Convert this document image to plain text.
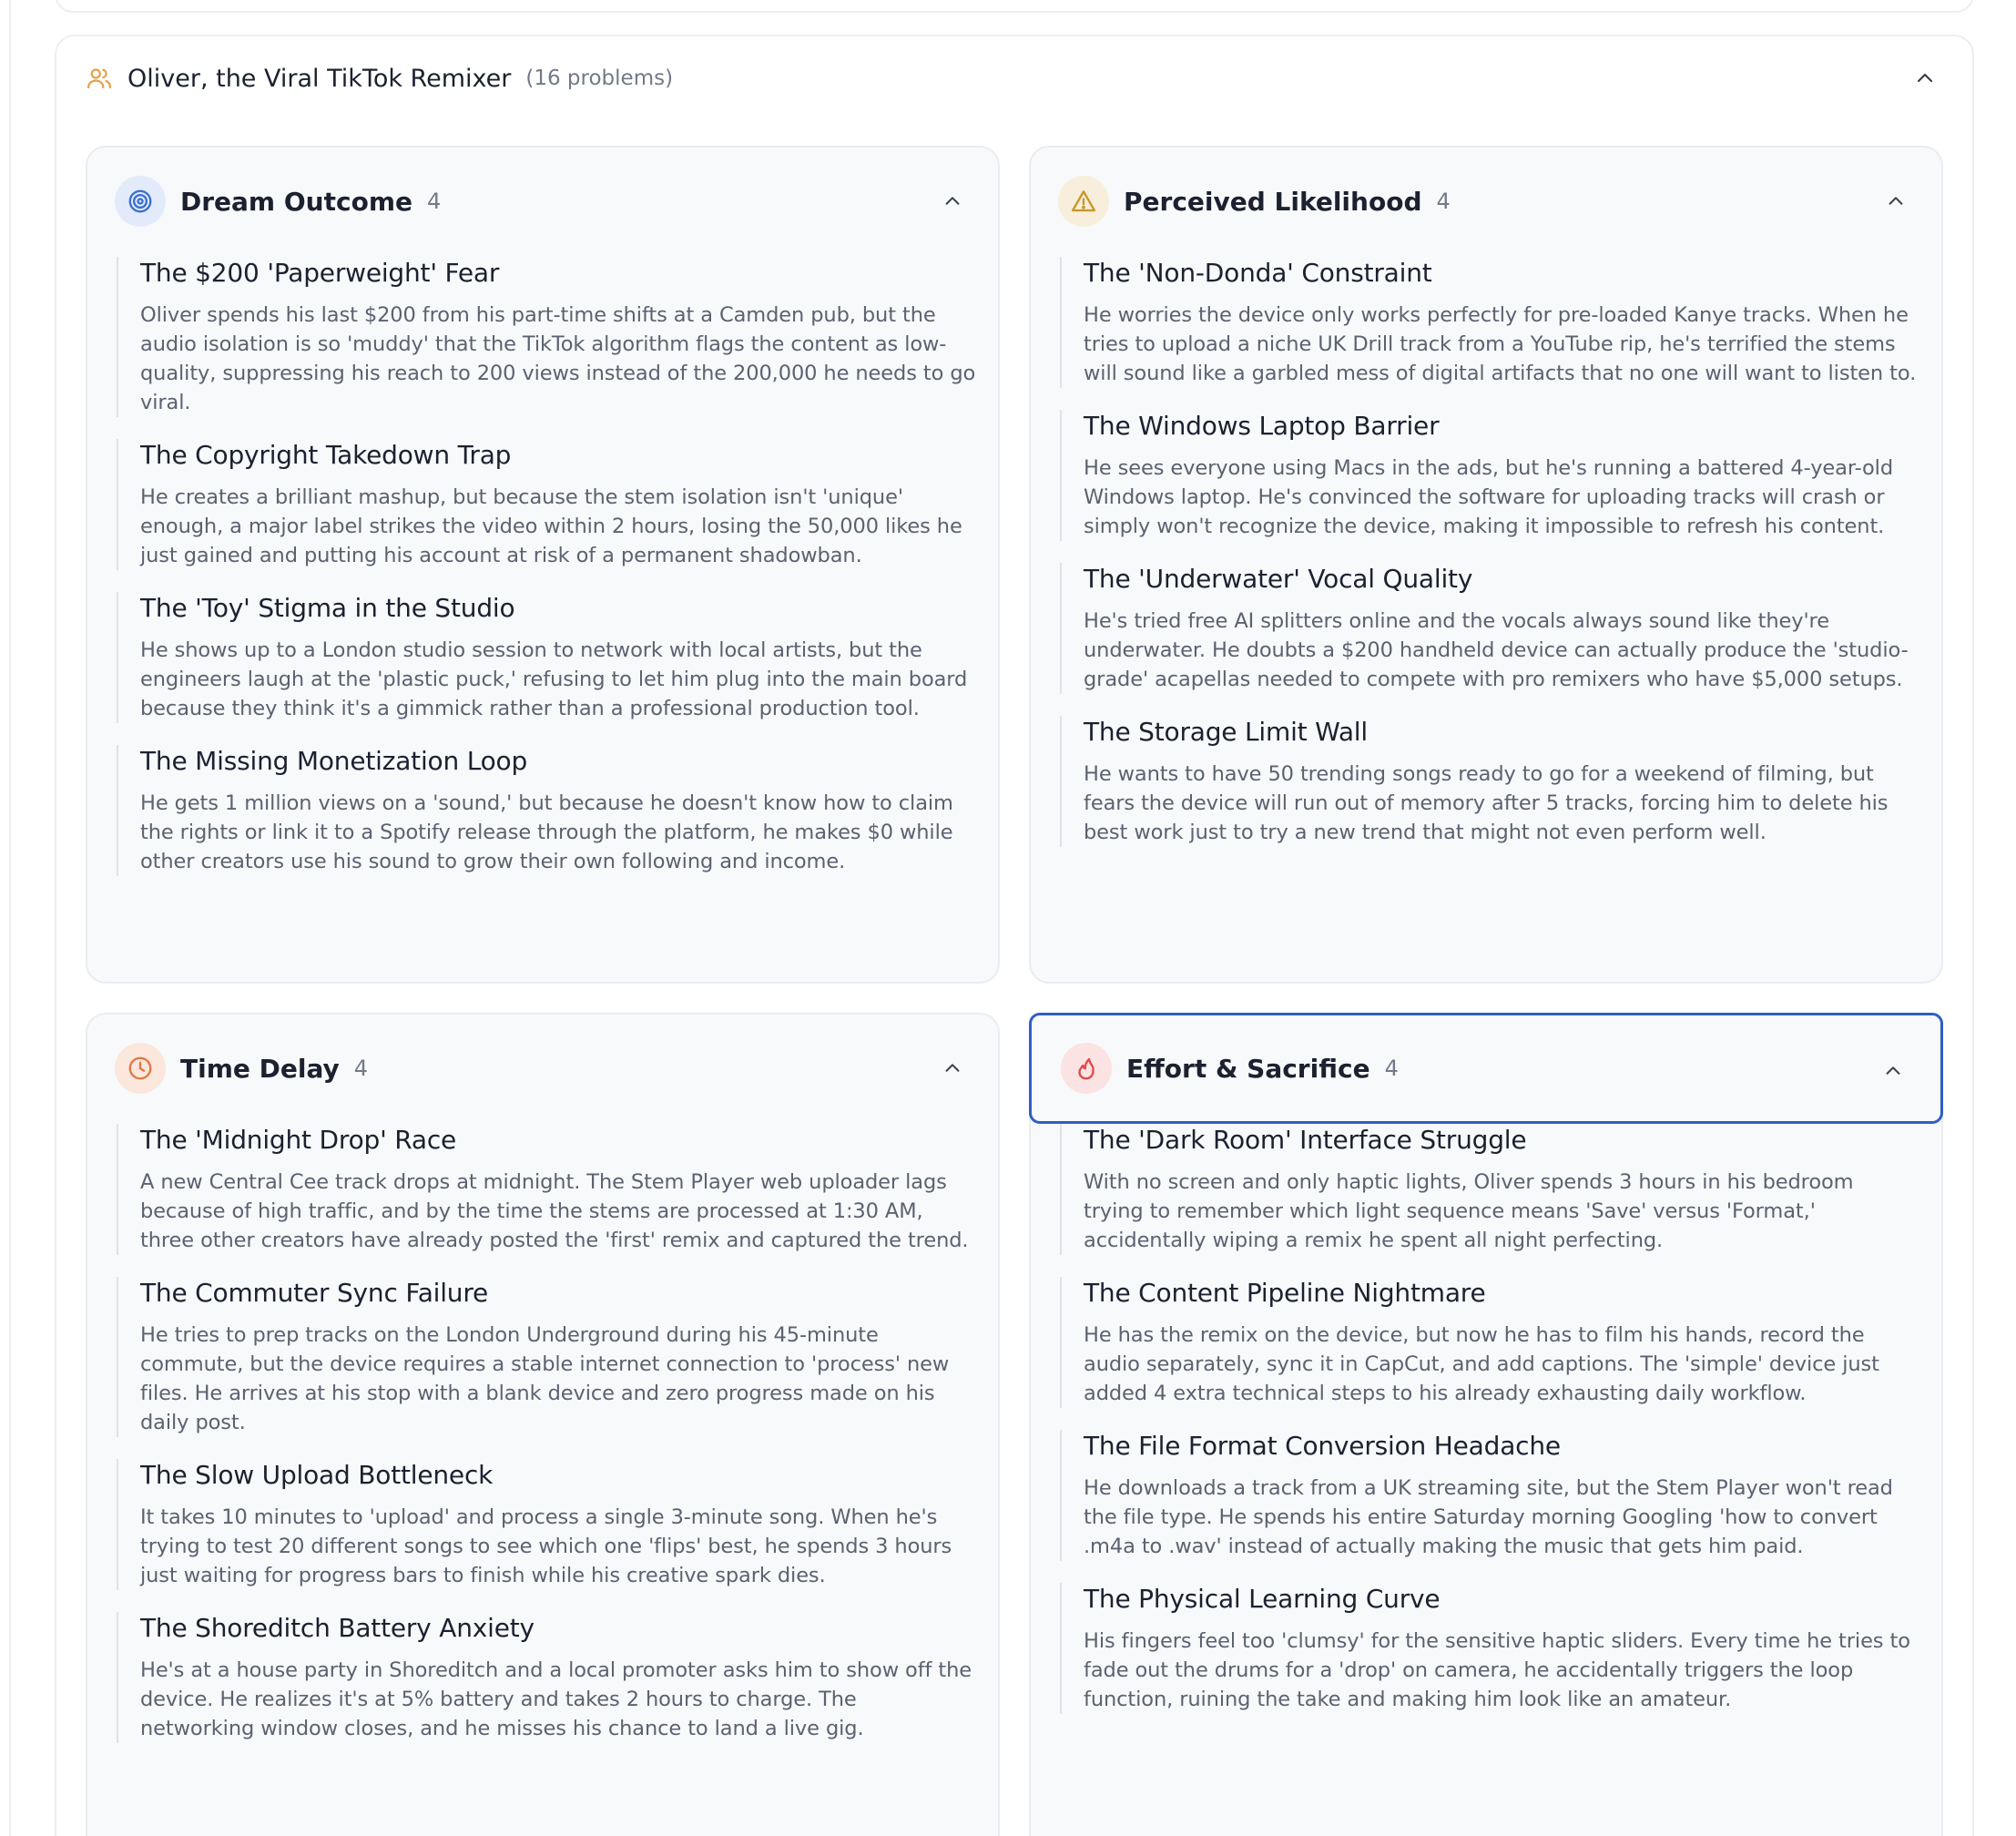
Oliver, the Viral TikTok Remixer (16 problems)
Dream Outcome 4
The $200 'Paperweight' Fear
Oliver spends his last $200 from his part-time shifts at a Camden pub, but the audio isolation is so 'muddy' that the TikTok algorithm flags the content as low-quality, suppressing his reach to 200 views instead of the 200,000 he needs to go viral.
The Copyright Takedown Trap
He creates a brilliant mashup, but because the stem isolation isn't 'unique' enough, a major label strikes the video within 2 hours, losing the 50,000 likes he just gained and putting his account at risk of a permanent shadowban.
The 'Toy' Stigma in the Studio
He shows up to a London studio session to network with local artists, but the engineers laugh at the 'plastic puck,' refusing to let him plug into the main board because they think it's a gimmick rather than a professional production tool.
The Missing Monetization Loop
He gets 1 million views on a 'sound,' but because he doesn't know how to claim the rights or link it to a Spotify release through the platform, he makes $0 while other creators use his sound to grow their own following and income.
Perceived Likelihood 4
The 'Non-Donda' Constraint
He worries the device only works perfectly for pre-loaded Kanye tracks. When he tries to upload a niche UK Drill track from a YouTube rip, he's terrified the stems will sound like a garbled mess of digital artifacts that no one will want to listen to.
The Windows Laptop Barrier
He sees everyone using Macs in the ads, but he's running a battered 4-year-old Windows laptop. He's convinced the software for uploading tracks will crash or simply won't recognize the device, making it impossible to refresh his content.
The 'Underwater' Vocal Quality
He's tried free AI splitters online and the vocals always sound like they're underwater. He doubts a $200 handheld device can actually produce the 'studio-grade' acapellas needed to compete with pro remixers who have $5,000 setups.
The Storage Limit Wall
He wants to have 50 trending songs ready to go for a weekend of filming, but fears the device will run out of memory after 5 tracks, forcing him to delete his best work just to try a new trend that might not even perform well.
Time Delay 4
The 'Midnight Drop' Race
A new Central Cee track drops at midnight. The Stem Player web uploader lags because of high traffic, and by the time the stems are processed at 1:30 AM, three other creators have already posted the 'first' remix and captured the trend.
The Commuter Sync Failure
He tries to prep tracks on the London Underground during his 45-minute commute, but the device requires a stable internet connection to 'process' new files. He arrives at his stop with a blank device and zero progress made on his daily post.
The Slow Upload Bottleneck
It takes 10 minutes to 'upload' and process a single 3-minute song. When he's trying to test 20 different songs to see which one 'flips' best, he spends 3 hours just waiting for progress bars to finish while his creative spark dies.
The Shoreditch Battery Anxiety
He's at a house party in Shoreditch and a local promoter asks him to show off the device. He realizes it's at 5% battery and takes 2 hours to charge. The networking window closes, and he misses his chance to land a live gig.
Effort & Sacrifice 4
The 'Dark Room' Interface Struggle
With no screen and only haptic lights, Oliver spends 3 hours in his bedroom trying to remember which light sequence means 'Save' versus 'Format,' accidentally wiping a remix he spent all night perfecting.
The Content Pipeline Nightmare
He has the remix on the device, but now he has to film his hands, record the audio separately, sync it in CapCut, and add captions. The 'simple' device just added 4 extra technical steps to his already exhausting daily workflow.
The File Format Conversion Headache
He downloads a track from a UK streaming site, but the Stem Player won't read the file type. He spends his entire Saturday morning Googling 'how to convert .m4a to .wav' instead of actually making the music that gets him paid.
The Physical Learning Curve
His fingers feel too 'clumsy' for the sensitive haptic sliders. Every time he tries to fade out the drums for a 'drop' on camera, he accidentally triggers the loop function, ruining the take and making him look like an amateur.
